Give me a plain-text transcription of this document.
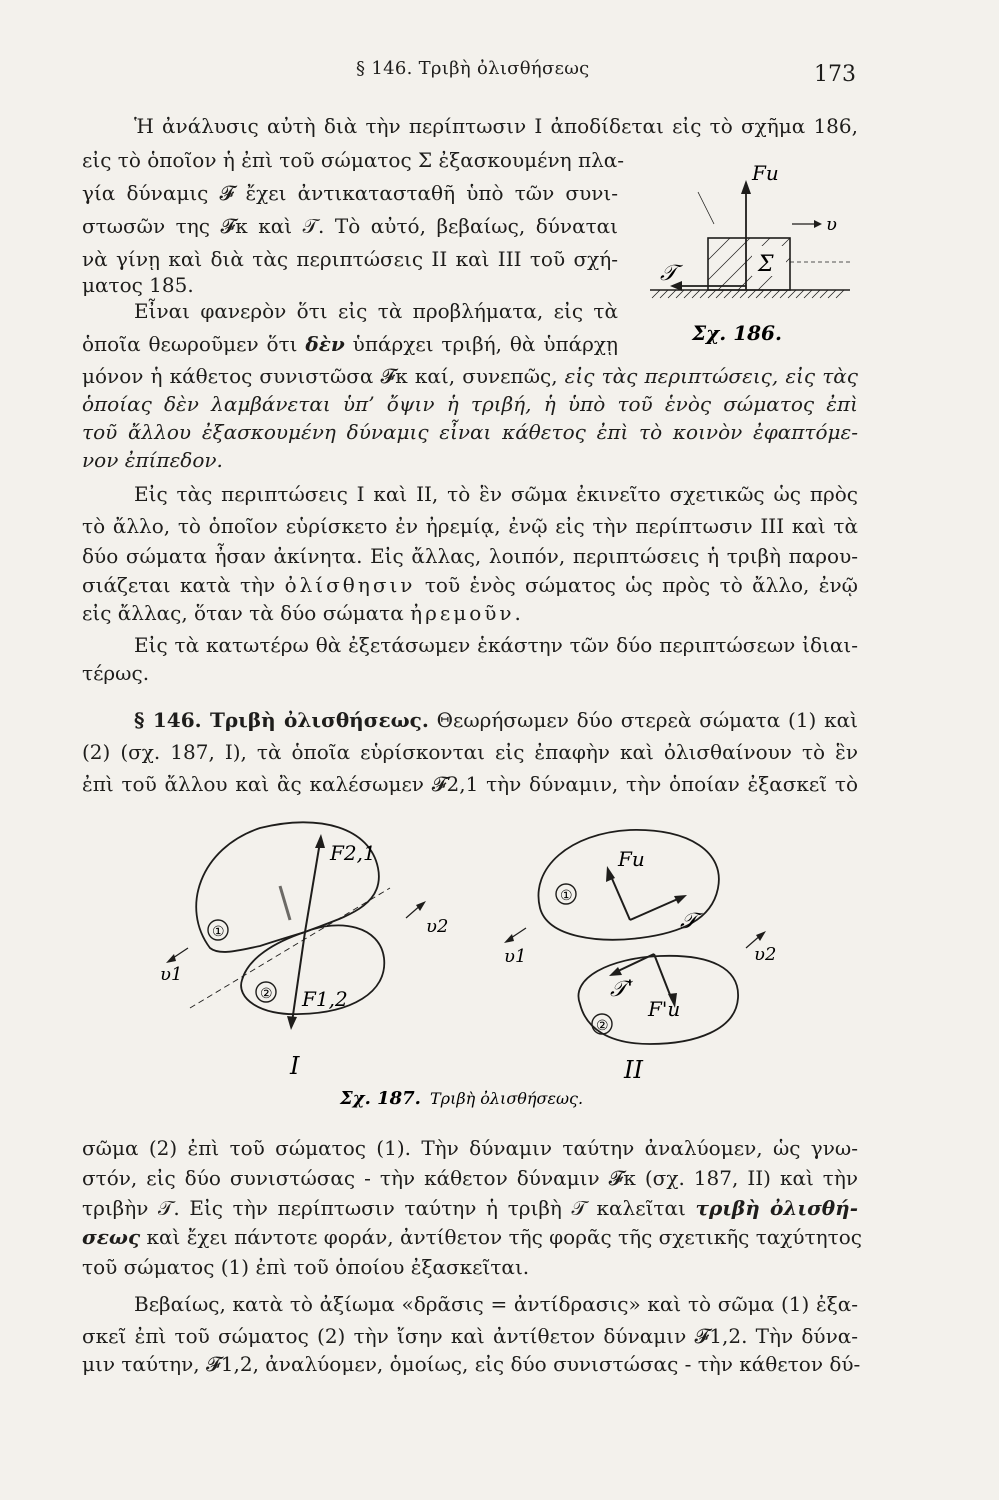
§ 146. Τριβὴ ὀλισθήσεως	173
Ἡ ἀνάλυσις αὐτὴ διὰ τὴν περίπτωσιν I ἀποδίδεται εἰς τὸ σχῆμα 186,
εἰς τὸ ὁποῖον ἡ ἐπὶ τοῦ σώματος Σ ἐξασκουμένη πλα-
γία δύναμις 𝓕 ἔχει ἀντικατασταθῆ ὑπὸ τῶν συνι-
στωσῶν της 𝓕κ καὶ 𝒯. Τὸ αὐτό, βεβαίως, δύναται
νὰ γίνῃ καὶ διὰ τὰς περιπτώσεις II καὶ III τοῦ σχή-
ματος 185.
Εἶναι φανερὸν ὅτι εἰς τὰ προβλήματα, εἰς τὰ
ὁποῖα θεωροῦμεν ὅτι δὲν ὑπάρχει τριβή, θὰ ὑπάρχῃ
μόνον ἡ κάθετος συνιστῶσα 𝓕κ καί, συνεπῶς, εἰς τὰς περιπτώσεις, εἰς τὰς
ὁποίας δὲν λαμβάνεται ὑπ’ ὄψιν ἡ τριβή, ἡ ὑπὸ τοῦ ἑνὸς σώματος ἐπὶ
τοῦ ἄλλου ἐξασκουμένη δύναμις εἶναι κάθετος ἐπὶ τὸ κοινὸν ἐφαπτόμε-
νον ἐπίπεδον.
Εἰς τὰς περιπτώσεις I καὶ II, τὸ ἓν σῶμα ἐκινεῖτο σχετικῶς ὡς πρὸς
τὸ ἄλλο, τὸ ὁποῖον εὑρίσκετο ἐν ἠρεμίᾳ, ἐνῷ εἰς τὴν περίπτωσιν III καὶ τὰ
δύο σώματα ἦσαν ἀκίνητα. Εἰς ἄλλας, λοιπόν, περιπτώσεις ἡ τριβὴ παρου-
σιάζεται κατὰ τὴν ὀλίσθησιν τοῦ ἑνὸς σώματος ὡς πρὸς τὸ ἄλλο, ἐνῷ
εἰς ἄλλας, ὅταν τὰ δύο σώματα ἠρεμοῦν.
Εἰς τὰ κατωτέρω θὰ ἐξετάσωμεν ἑκάστην τῶν δύο περιπτώσεων ἰδιαι-
τέρως.
§ 146. Τριβὴ ὀλισθήσεως. Θεωρήσωμεν δύο στερεὰ σώματα (1) καὶ
(2) (σχ. 187, I), τὰ ὁποῖα εὑρίσκονται εἰς ἐπαφὴν καὶ ὀλισθαίνουν τὸ ἓν
ἐπὶ τοῦ ἄλλου καὶ ἂς καλέσωμεν 𝓕2,1 τὴν δύναμιν, τὴν ὁποίαν ἐξασκεῖ τὸ
Σ
Fu
𝒯
υ
Σχ. 186.
F2,1
F1,2
①
②
υ1
υ2
I
Fu
𝒯
𝒯'
F'u
①
②
υ1	υ2
II
Σχ. 187. Τριβὴ ὀλισθήσεως.
σῶμα (2) ἐπὶ τοῦ σώματος (1). Τὴν δύναμιν ταύτην ἀναλύομεν, ὡς γνω-
στόν, εἰς δύο συνιστώσας - τὴν κάθετον δύναμιν 𝓕κ (σχ. 187, II) καὶ τὴν
τριβὴν 𝒯. Εἰς τὴν περίπτωσιν ταύτην ἡ τριβὴ 𝒯 καλεῖται τριβὴ ὀλισθή-
σεως καὶ ἔχει πάντοτε φοράν, ἀντίθετον τῆς φορᾶς τῆς σχετικῆς ταχύτητος
τοῦ σώματος (1) ἐπὶ τοῦ ὁποίου ἐξασκεῖται.
Βεβαίως, κατὰ τὸ ἀξίωμα «δρᾶσις = ἀντίδρασις» καὶ τὸ σῶμα (1) ἐξα-
σκεῖ ἐπὶ τοῦ σώματος (2) τὴν ἴσην καὶ ἀντίθετον δύναμιν 𝓕1,2. Τὴν δύνα-
μιν ταύτην, 𝓕1,2, ἀναλύομεν, ὁμοίως, εἰς δύο συνιστώσας - τὴν κάθετον δύ-
